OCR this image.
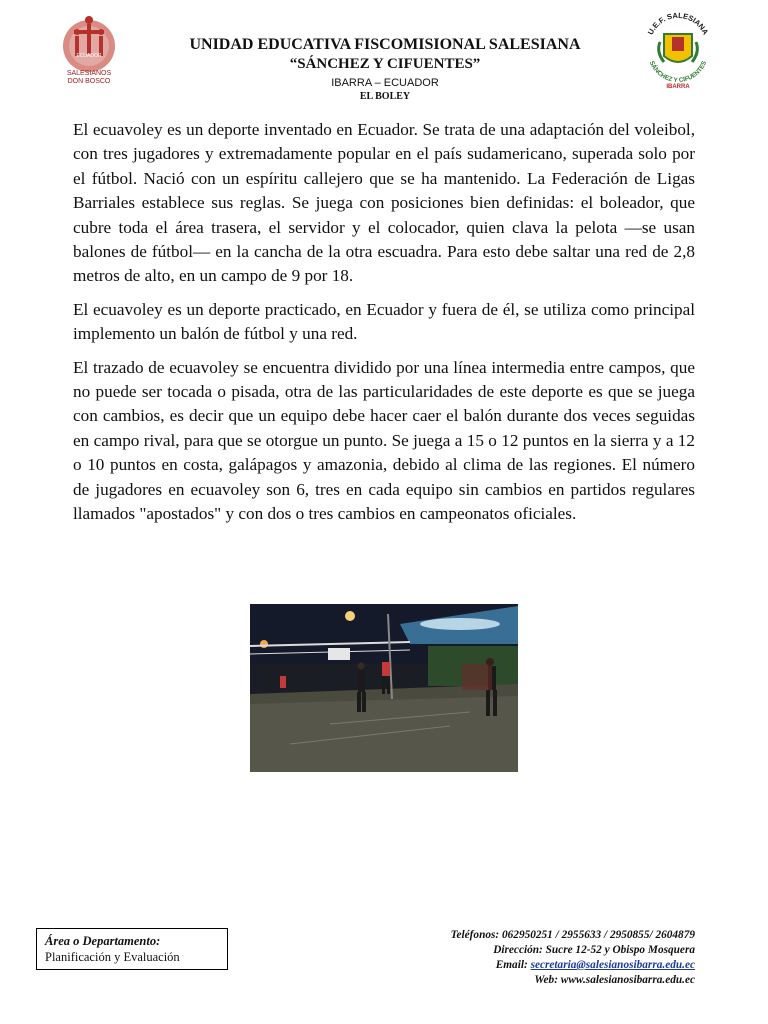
ECUADOR
SALESIANOS
DON BOSCO
UNIDAD EDUCATIVA FISCOMISIONAL SALESIANA
“SÁNCHEZ Y CIFUENTES”
IBARRA – ECUADOR
EL BOLEY
U.E.F. SALESIANA
SÁNCHEZ Y CIFUENTES
IBARRA

El ecuavoley es un deporte inventado en Ecuador. Se trata de una adaptación del voleibol, con tres jugadores y extremadamente popular en el país sudamericano, superada solo por el fútbol. Nació con un espíritu callejero que se ha mantenido. La Federación de Ligas Barriales establece sus reglas. Se juega con posiciones bien definidas: el boleador, que cubre toda el área trasera, el servidor y el colocador, quien clava la pelota —se usan balones de fútbol— en la cancha de la otra escuadra. Para esto debe saltar una red de 2,8 metros de alto, en un campo de 9 por 18.

El ecuavoley es un deporte practicado, en Ecuador y fuera de él, se utiliza como principal implemento un balón de fútbol y una red.

El trazado de ecuavoley se encuentra dividido por una línea intermedia entre campos, que no puede ser tocada o pisada, otra de las particularidades de este deporte es que se juega con cambios, es decir que un equipo debe hacer caer el balón durante dos veces seguidas en campo rival, para que se otorgue un punto. Se juega a 15 o 12 puntos en la sierra y a 12 o 10 puntos en costa, galápagos y amazonia, debido al clima de las regiones. El número de jugadores en ecuavoley son 6, tres en cada equipo sin cambios en partidos regulares llamados "apostados" y con dos o tres cambios en campeonatos oficiales.

Área o Departamento:
Planificación y Evaluación
Teléfonos: 062950251 / 2955633 / 2950855/ 2604879
Dirección: Sucre 12-52 y Obispo Mosquera
Email: secretaria@salesianosibarra.edu.ec
Web: www.salesianosibarra.edu.ec
